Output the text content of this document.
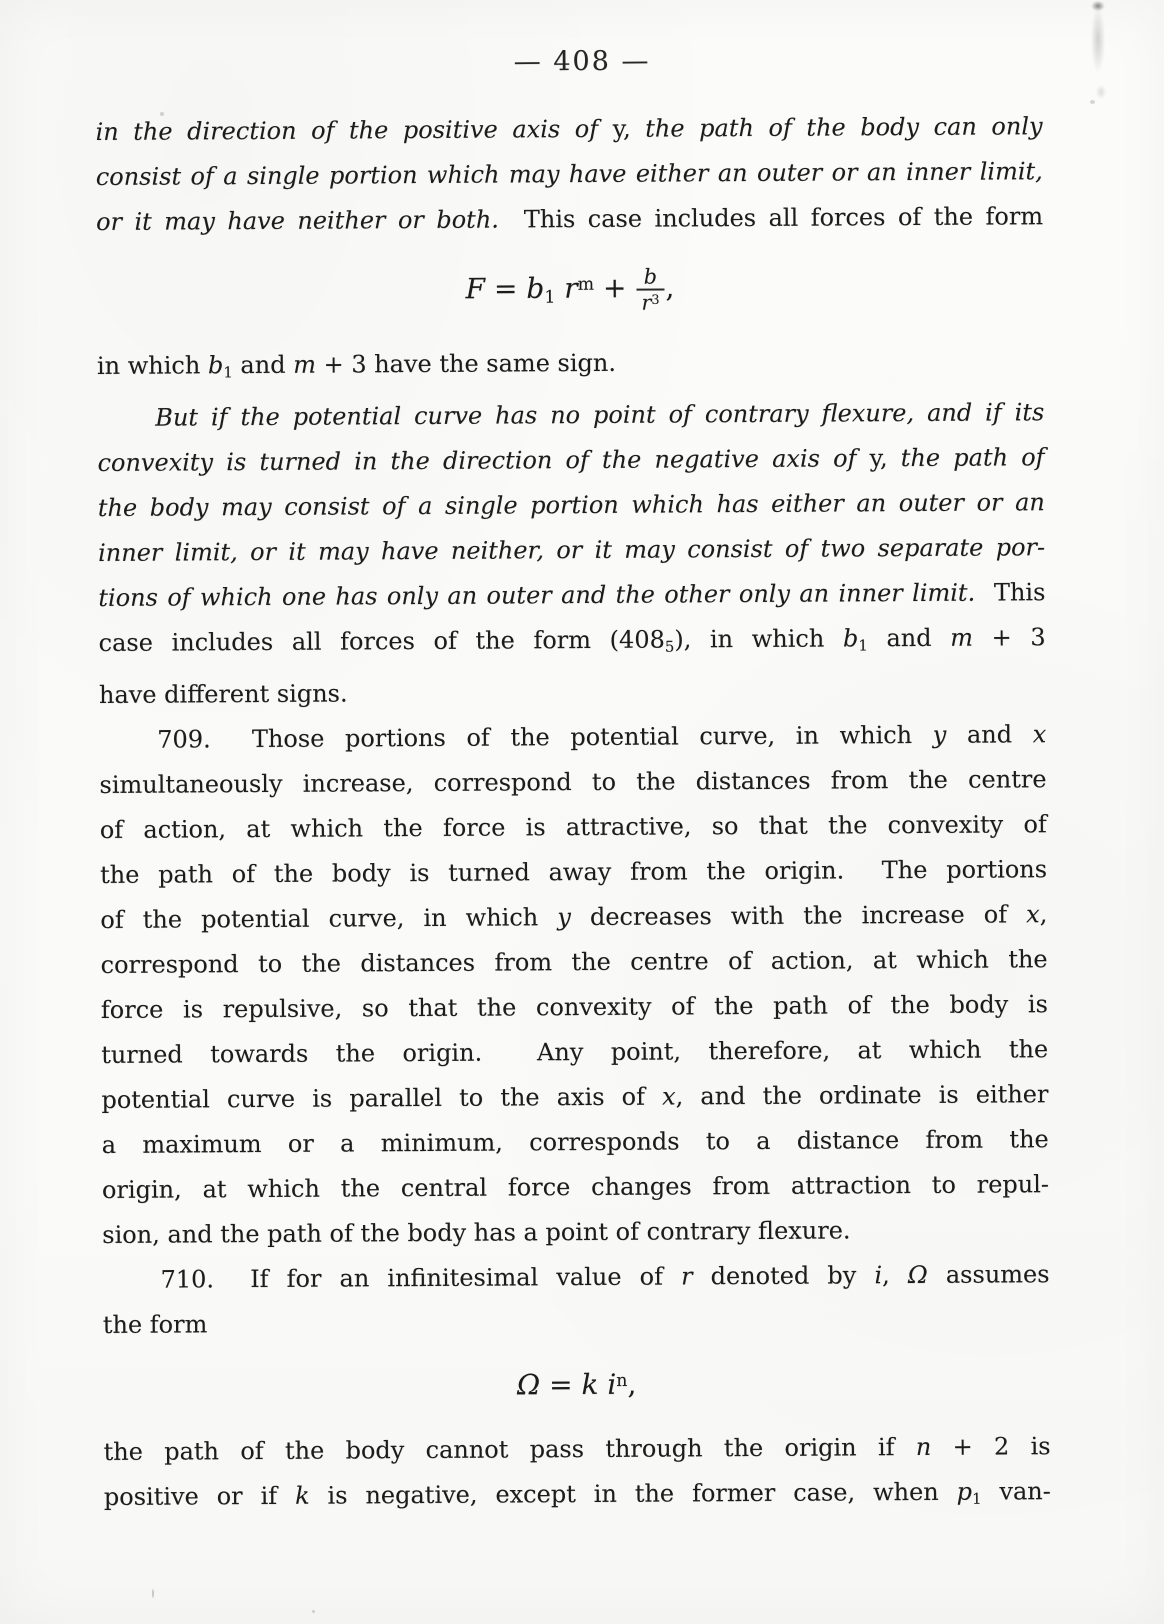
— 408 —
in the direction of the positive axis of y, the path of the body can only
consist of a single portion which may have either an outer or an inner limit,
or it may have neither or both.  This case includes all forces of the form
F = b1 $r^m + \frac{b}{r^3}$ ,
in which b1 and m + 3 have the same sign.
But if the potential curve has no point of contrary flexure, and if its
convexity is turned in the direction of the negative axis of y, the path of
the body may consist of a single portion which has either an outer or an
inner limit, or it may have neither, or it may consist of two separate por-
tions of which one has only an outer and the other only an inner limit.  This
case includes all forces of the form (4085), in which b1 and m + 3
have different signs.
709.  Those portions of the potential curve, in which y and x
simultaneously increase, correspond to the distances from the centre
of action, at which the force is attractive, so that the convexity of
the path of the body is turned away from the origin.  The portions
of the potential curve, in which y decreases with the increase of x,
correspond to the distances from the centre of action, at which the
force is repulsive, so that the convexity of the path of the body is
turned towards the origin.  Any point, therefore, at which the
potential curve is parallel to the axis of x, and the ordinate is either
a maximum or a minimum, corresponds to a distance from the
origin, at which the central force changes from attraction to repul-
sion, and the path of the body has a point of contrary flexure.
710.  If for an infinitesimal value of r denoted by i, Ω assumes
the form
Ω = k $i^n$,
the path of the body cannot pass through the origin if n + 2 is
positive or if k is negative, except in the former case, when p1 van-
